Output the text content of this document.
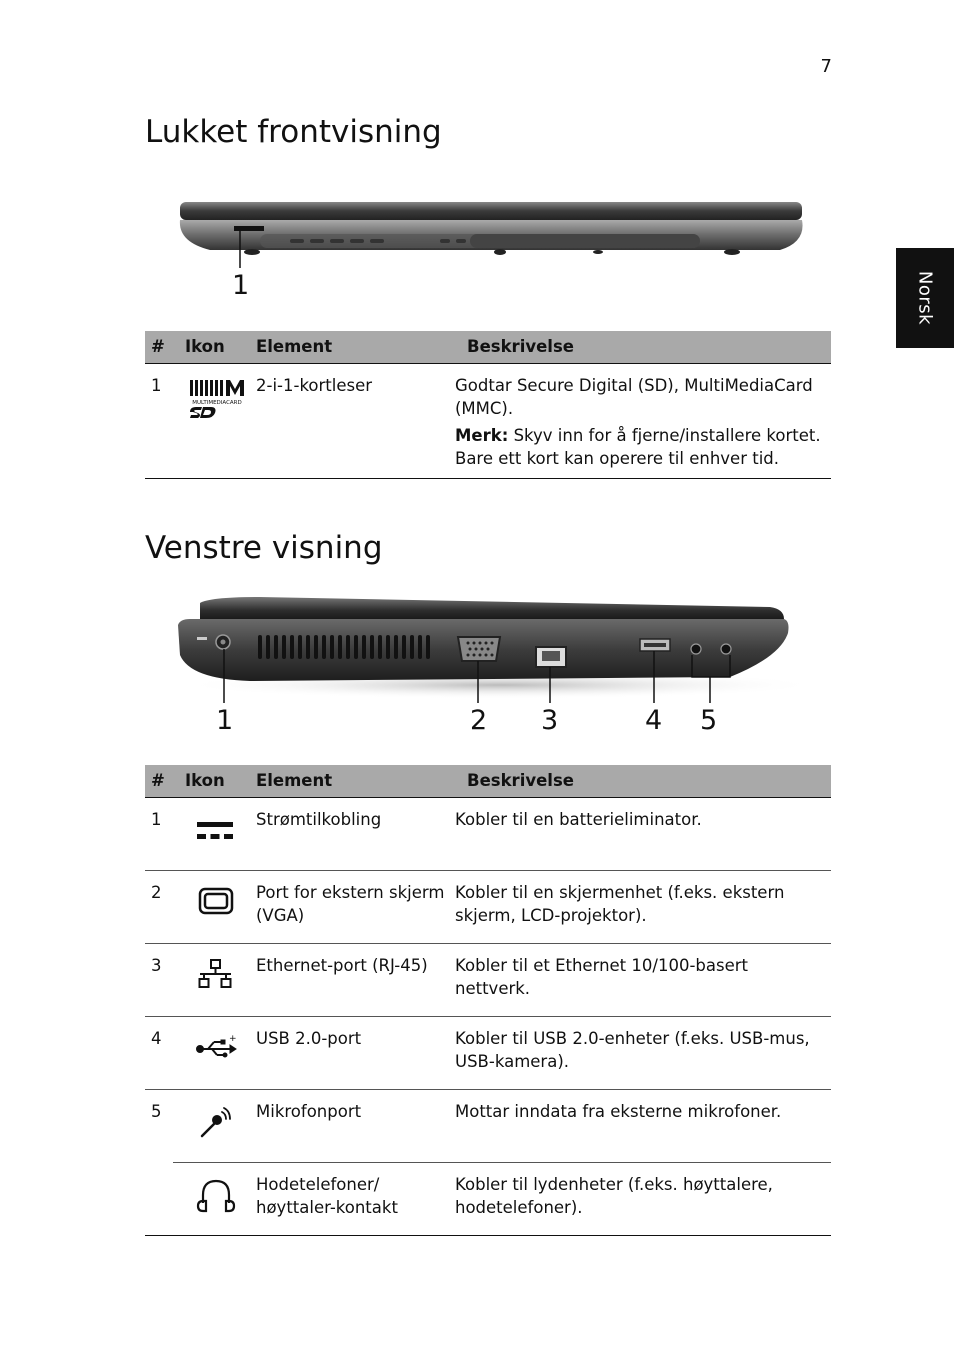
7
Norsk
Lukket frontvisning
1
#	Ikon	Element	Beskrivelse
1	MULTIMEDIACARD	2-i-1-kortleser	Godtar Secure Digital (SD), MultiMediaCard (MMC).
Merk: Skyv inn for å fjerne/installere kortet. Bare ett kort kan operere til enhver tid.
Venstre visning
1	2 3	4 5
#	Ikon	Element	Beskrivelse
1		Strømtilkobling	Kobler til en batterieliminator.
2		Port for ekstern skjerm (VGA)	Kobler til en skjermenhet (f.eks. ekstern skjerm, LCD-projektor).
3		Ethernet-port (RJ-45)	Kobler til et Ethernet 10/100-basert nettverk.
4	+	USB 2.0-port	Kobler til USB 2.0-enheter (f.eks. USB-mus, USB-kamera).
5		Mikrofonport	Mottar inndata fra eksterne mikrofoner.
		Hodetelefoner/ høyttaler-kontakt	Kobler til lydenheter (f.eks. høyttalere, hodetelefoner).
